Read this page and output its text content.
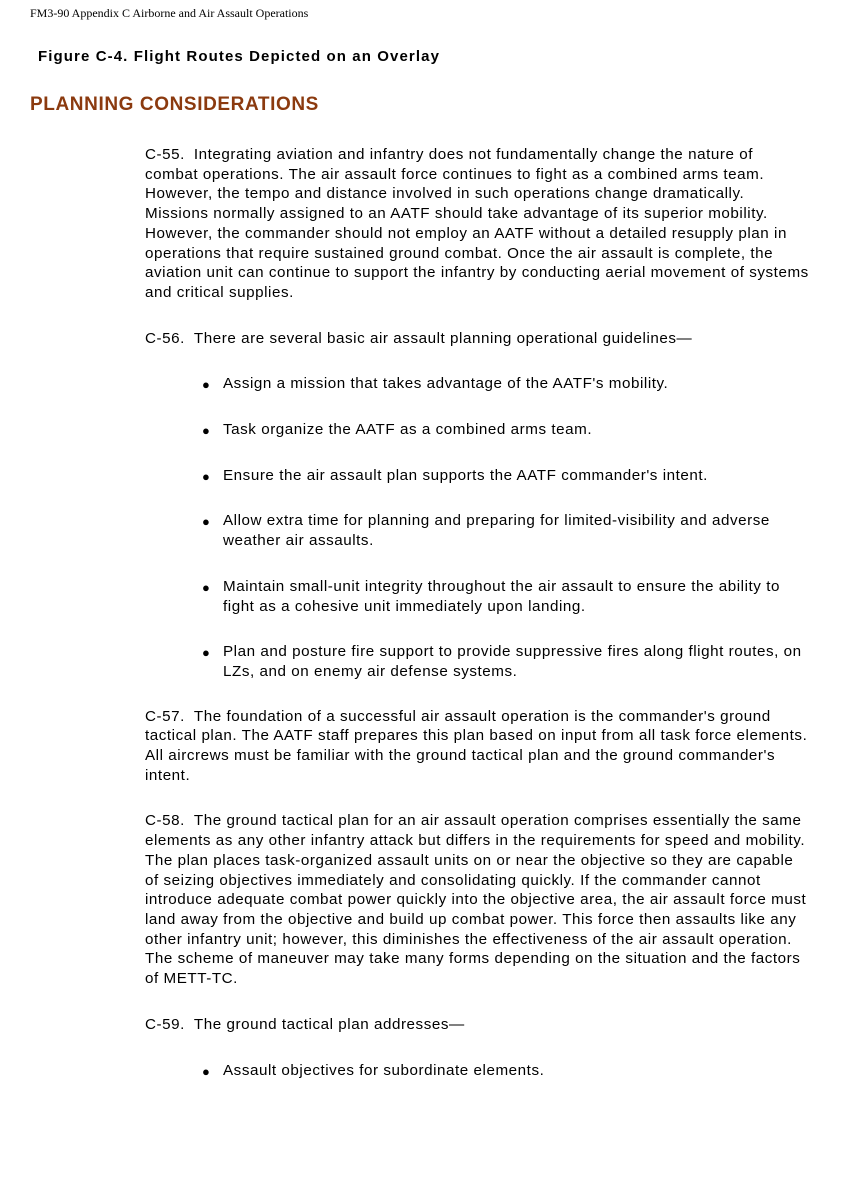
FM3-90 Appendix C Airborne and Air Assault Operations
Figure C-4. Flight Routes Depicted on an Overlay
PLANNING CONSIDERATIONS

C-55. Integrating aviation and infantry does not fundamentally change the nature of combat operations. The air assault force continues to fight as a combined arms team. However, the tempo and distance involved in such operations change dramatically. Missions normally assigned to an AATF should take advantage of its superior mobility. However, the commander should not employ an AATF without a detailed resupply plan in operations that require sustained ground combat. Once the air assault is complete, the aviation unit can continue to support the infantry by conducting aerial movement of systems and critical supplies.

C-56. There are several basic air assault planning operational guidelines—

● Assign a mission that takes advantage of the AATF's mobility.
● Task organize the AATF as a combined arms team.
● Ensure the air assault plan supports the AATF commander's intent.
● Allow extra time for planning and preparing for limited-visibility and adverse weather air assaults.
● Maintain small-unit integrity throughout the air assault to ensure the ability to fight as a cohesive unit immediately upon landing.
● Plan and posture fire support to provide suppressive fires along flight routes, on LZs, and on enemy air defense systems.

C-57. The foundation of a successful air assault operation is the commander's ground tactical plan. The AATF staff prepares this plan based on input from all task force elements. All aircrews must be familiar with the ground tactical plan and the ground commander's intent.

C-58. The ground tactical plan for an air assault operation comprises essentially the same elements as any other infantry attack but differs in the requirements for speed and mobility. The plan places task-organized assault units on or near the objective so they are capable of seizing objectives immediately and consolidating quickly. If the commander cannot introduce adequate combat power quickly into the objective area, the air assault force must land away from the objective and build up combat power. This force then assaults like any other infantry unit; however, this diminishes the effectiveness of the air assault operation. The scheme of maneuver may take many forms depending on the situation and the factors of METT-TC.

C-59. The ground tactical plan addresses—

● Assault objectives for subordinate elements.
